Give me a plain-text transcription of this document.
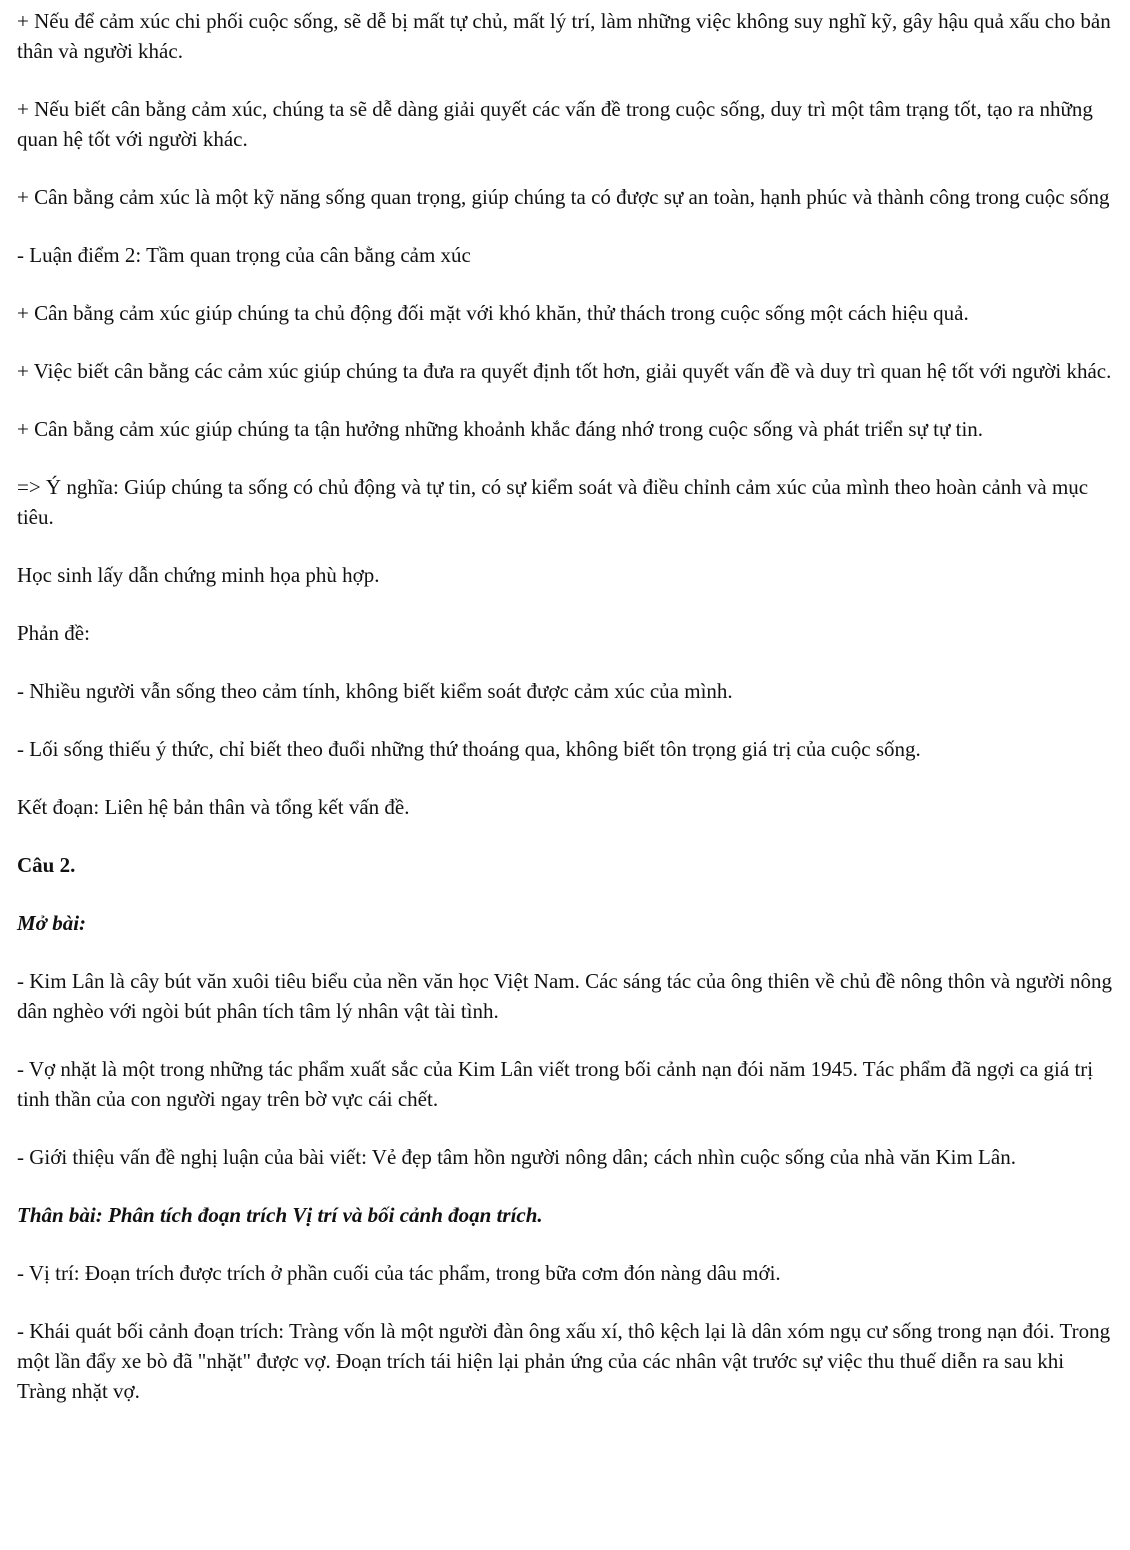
+ Nếu để cảm xúc chi phối cuộc sống, sẽ dễ bị mất tự chủ, mất lý trí, làm những việc không suy nghĩ kỹ, gây hậu quả xấu cho bản thân và người khác.

+ Nếu biết cân bằng cảm xúc, chúng ta sẽ dễ dàng giải quyết các vấn đề trong cuộc sống, duy trì một tâm trạng tốt, tạo ra những quan hệ tốt với người khác.

+ Cân bằng cảm xúc là một kỹ năng sống quan trọng, giúp chúng ta có được sự an toàn, hạnh phúc và thành công trong cuộc sống

- Luận điểm 2: Tầm quan trọng của cân bằng cảm xúc

+ Cân bằng cảm xúc giúp chúng ta chủ động đối mặt với khó khăn, thử thách trong cuộc sống một cách hiệu quả.

+ Việc biết cân bằng các cảm xúc giúp chúng ta đưa ra quyết định tốt hơn, giải quyết vấn đề và duy trì quan hệ tốt với người khác.

+ Cân bằng cảm xúc giúp chúng ta tận hưởng những khoảnh khắc đáng nhớ trong cuộc sống và phát triển sự tự tin.

=> Ý nghĩa: Giúp chúng ta sống có chủ động và tự tin, có sự kiểm soát và điều chỉnh cảm xúc của mình theo hoàn cảnh và mục tiêu.

Học sinh lấy dẫn chứng minh họa phù hợp.

Phản đề:

- Nhiều người vẫn sống theo cảm tính, không biết kiểm soát được cảm xúc của mình.

- Lối sống thiếu ý thức, chỉ biết theo đuổi những thứ thoáng qua, không biết tôn trọng giá trị của cuộc sống.

Kết đoạn: Liên hệ bản thân và tổng kết vấn đề.

Câu 2.

Mở bài:

- Kim Lân là cây bút văn xuôi tiêu biểu của nền văn học Việt Nam. Các sáng tác của ông thiên về chủ đề nông thôn và người nông dân nghèo với ngòi bút phân tích tâm lý nhân vật tài tình.

- Vợ nhặt là một trong những tác phẩm xuất sắc của Kim Lân viết trong bối cảnh nạn đói năm 1945. Tác phẩm đã ngợi ca giá trị tinh thần của con người ngay trên bờ vực cái chết.

- Giới thiệu vấn đề nghị luận của bài viết: Vẻ đẹp tâm hồn người nông dân; cách nhìn cuộc sống của nhà văn Kim Lân.

Thân bài: Phân tích đoạn trích Vị trí và bối cảnh đoạn trích.

- Vị trí: Đoạn trích được trích ở phần cuối của tác phẩm, trong bữa cơm đón nàng dâu mới.

- Khái quát bối cảnh đoạn trích: Tràng vốn là một người đàn ông xấu xí, thô kệch lại là dân xóm ngụ cư sống trong nạn đói. Trong một lần đẩy xe bò đã "nhặt" được vợ. Đoạn trích tái hiện lại phản ứng của các nhân vật trước sự việc thu thuế diễn ra sau khi Tràng nhặt vợ.
